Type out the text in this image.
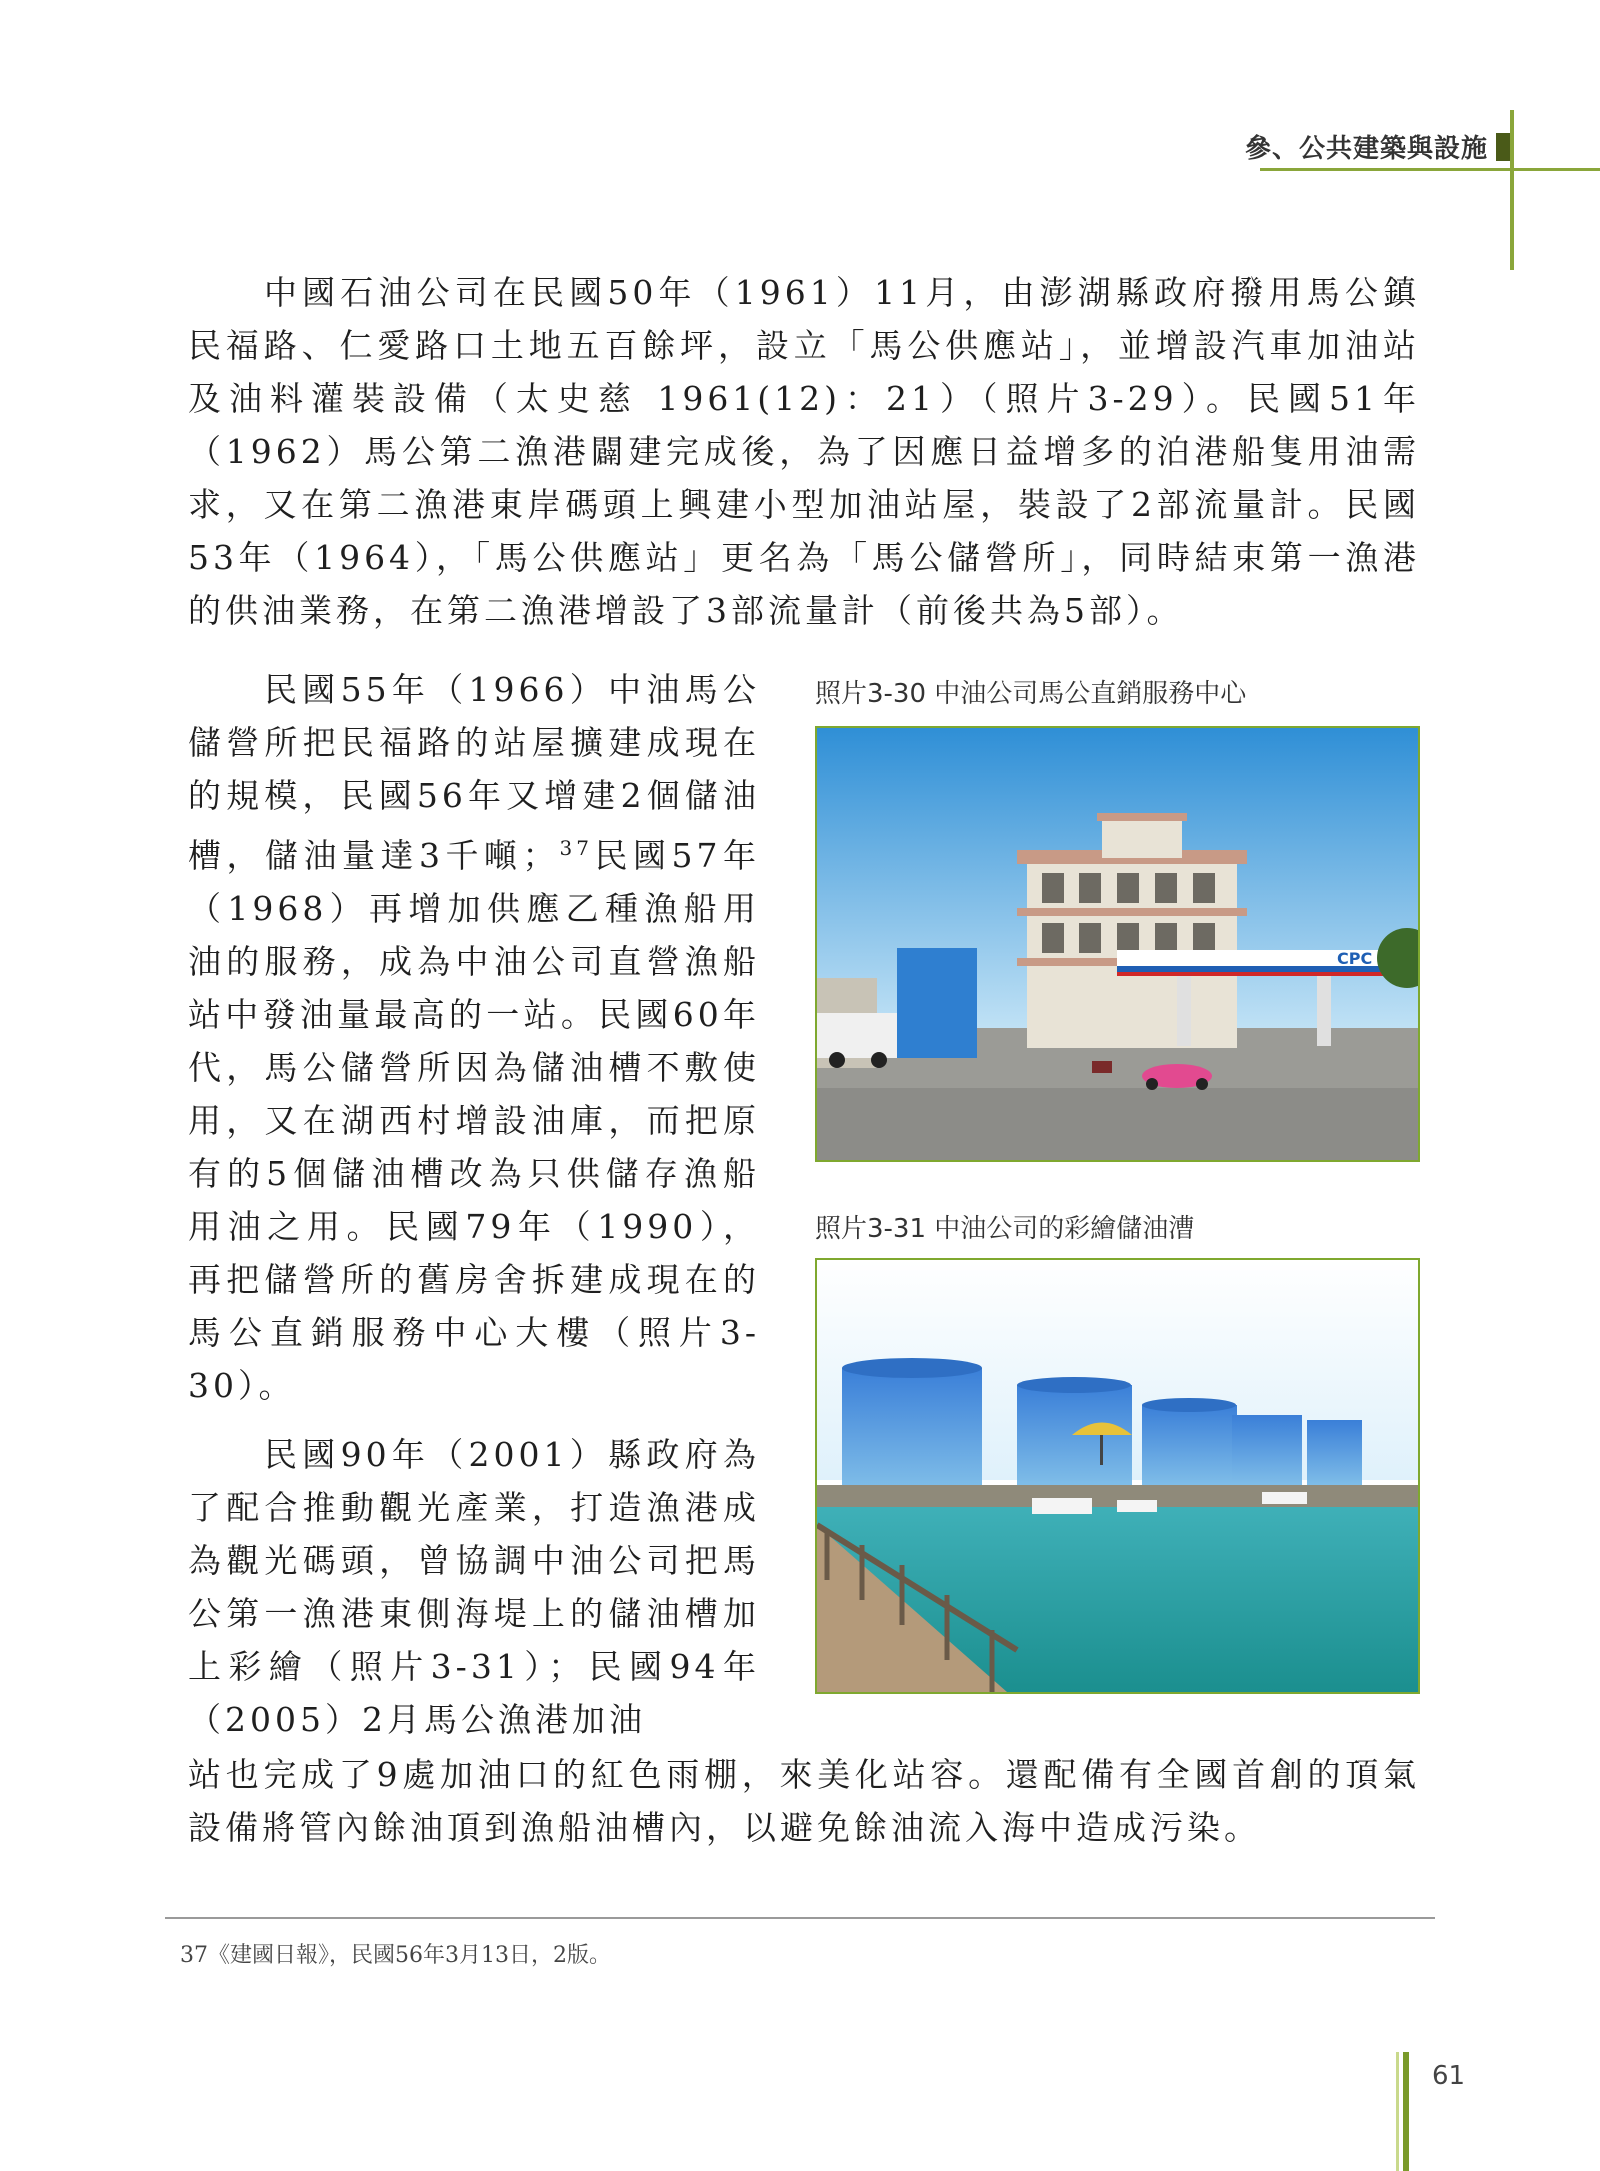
參、公共建築與設施

中國石油公司在民國50年（1961）11月，由澎湖縣政府撥用馬公鎮民福路、仁愛路口土地五百餘坪，設立「馬公供應站」，並增設汽車加油站及油料灌裝設備（太史慈 1961(12)：21）（照片3-29）。民國51年（1962）馬公第二漁港闢建完成後，為了因應日益增多的泊港船隻用油需求，又在第二漁港東岸碼頭上興建小型加油站屋，裝設了2部流量計。民國53年（1964），「馬公供應站」更名為「馬公儲營所」，同時結束第一漁港的供油業務，在第二漁港增設了3部流量計（前後共為5部）。

民國55年（1966）中油馬公儲營所把民福路的站屋擴建成現在的規模，民國56年又增建2個儲油槽，儲油量達3千噸；$^{37}$民國57年（1968）再增加供應乙種漁船用油的服務，成為中油公司直營漁船站中發油量最高的一站。民國60年代，馬公儲營所因為儲油槽不敷使用，又在湖西村增設油庫，而把原有的5個儲油槽改為只供儲存漁船用油之用。民國79年（1990），再把儲營所的舊房舍拆建成現在的馬公直銷服務中心大樓（照片3-30）。

民國90年（2001）縣政府為了配合推動觀光產業，打造漁港成為觀光碼頭，曾協調中油公司把馬公第一漁港東側海堤上的儲油槽加上彩繪（照片3-31）；民國94年（2005）2月馬公漁港加油

站也完成了9處加油口的紅色雨棚，來美化站容。還配備有全國首創的頂氣設備將管內餘油頂到漁船油槽內，以避免餘油流入海中造成污染。

照片3-30 中油公司馬公直銷服務中心
CPC
照片3-31 中油公司的彩繪儲油漕
37《建國日報》，民國56年3月13日，2版。
61
